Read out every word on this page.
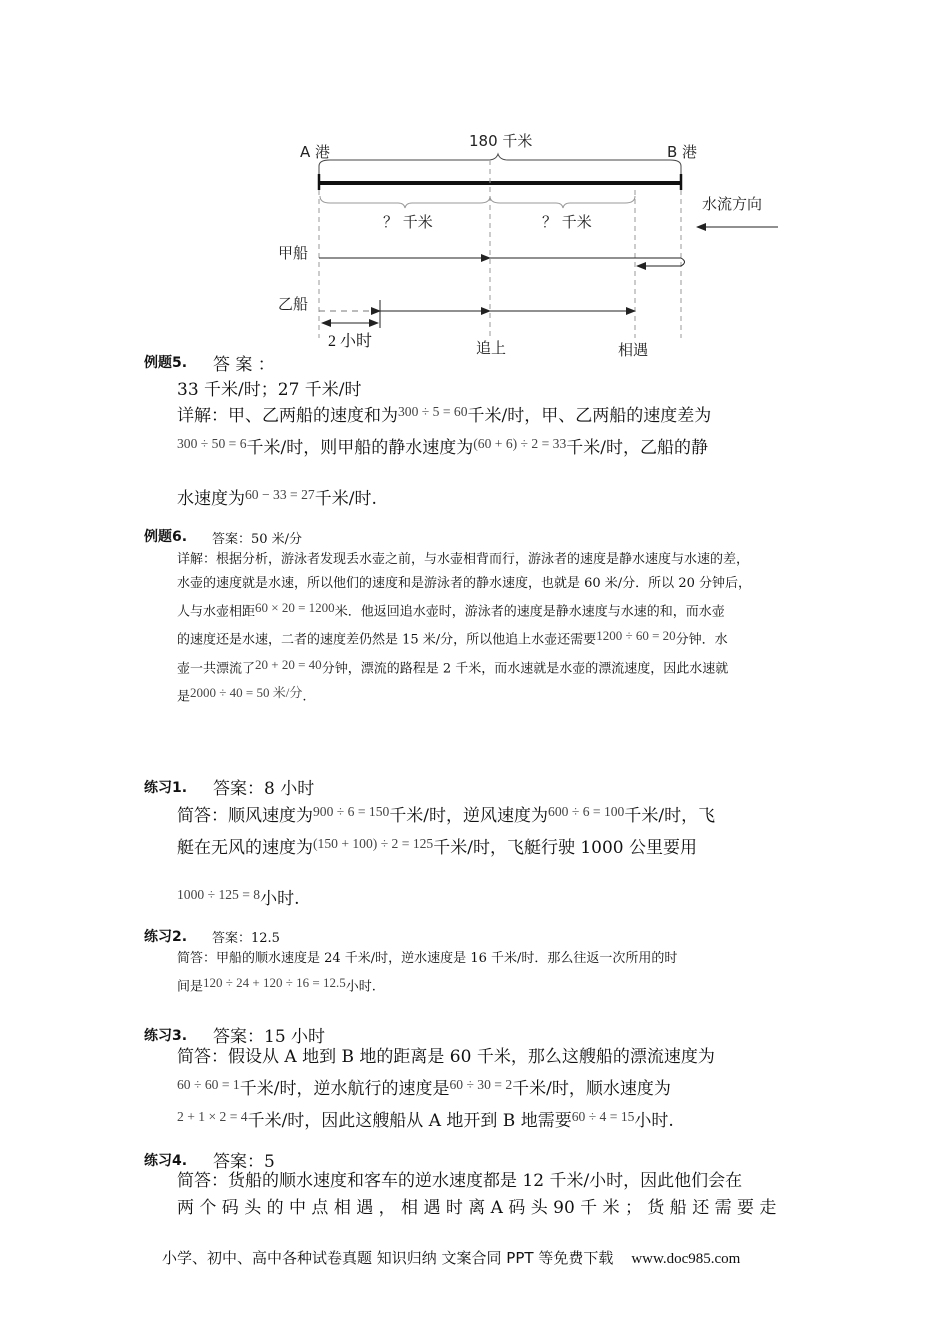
A 港	B 港
180 千米
？ 千米	？ 千米
水流方向
甲船
乙船
2 小时	追上	相遇
例题5. 答 案 ：
33 千米/时；27 千米/时

详解：甲、乙两船的速度和为$^{300 \div 5 = 60}$千米/时，甲、乙两船的速度差为

$^{300 \div 50 = 6}$千米/时，则甲船的静水速度为$^{(60 + 6) \div 2 = 33}$千米/时，乙船的静

水速度为$^{60 - 33 = 27}$千米/时.

例题6. 答案：50 米/分

详解：根据分析，游泳者发现丢水壶之前，与水壶相背而行，游泳者的速度是静水速度与水速的差，

水壶的速度就是水速，所以他们的速度和是游泳者的静水速度，也就是 60 米/分．所以 20 分钟后，

人与水壶相距60 × 20 = 1200米．他返回追水壶时，游泳者的速度是静水速度与水速的和，而水壶

的速度还是水速，二者的速度差仍然是 15 米/分，所以他追上水壶还需要1200 ÷ 60 = 20分钟．水

壶一共漂流了20 + 20 = 40分钟，漂流的路程是 2 千米，而水速就是水壶的漂流速度，因此水速就

是2000 ÷ 40 = 50 米/分.

练习1. 答案：8 小时

简答：顺风速度为$^{900 \div 6 = 150}$千米/时，逆风速度为$^{600 \div 6 = 100}$千米/时，飞

艇在无风的速度为$^{(150 + 100) \div 2 = 125}$千米/时，飞艇行驶 1000 公里要用

$^{1000 \div 125 = 8}$小时.

练习2. 答案：12.5

简答：甲船的顺水速度是 24 千米/时，逆水速度是 16 千米/时．那么往返一次所用的时

间是120 ÷ 24 + 120 ÷ 16 = 12.5小时.

练习3. 答案：15 小时

简答：假设从 A 地到 B 地的距离是 60 千米，那么这艘船的漂流速度为

$^{60 \div 60 = 1}$千米/时，逆水航行的速度是$^{60 \div 30 = 2}$千米/时，顺水速度为

$^{2 + 1 \times 2 = 4}$千米/时，因此这艘船从 A 地开到 B 地需要$^{60 \div 4 = 15}$小时.

练习4. 答案：5

简答：货船的顺水速度和客车的逆水速度都是 12 千米/小时，因此他们会在

两 个 码 头 的 中 点 相 遇 ， 相 遇 时 离 A 码 头 90 千 米 ； 货 船 还 需 要 走

小学、初中、高中各种试卷真题 知识归纳 文案合同 PPT 等免费下载 www.doc985.com
